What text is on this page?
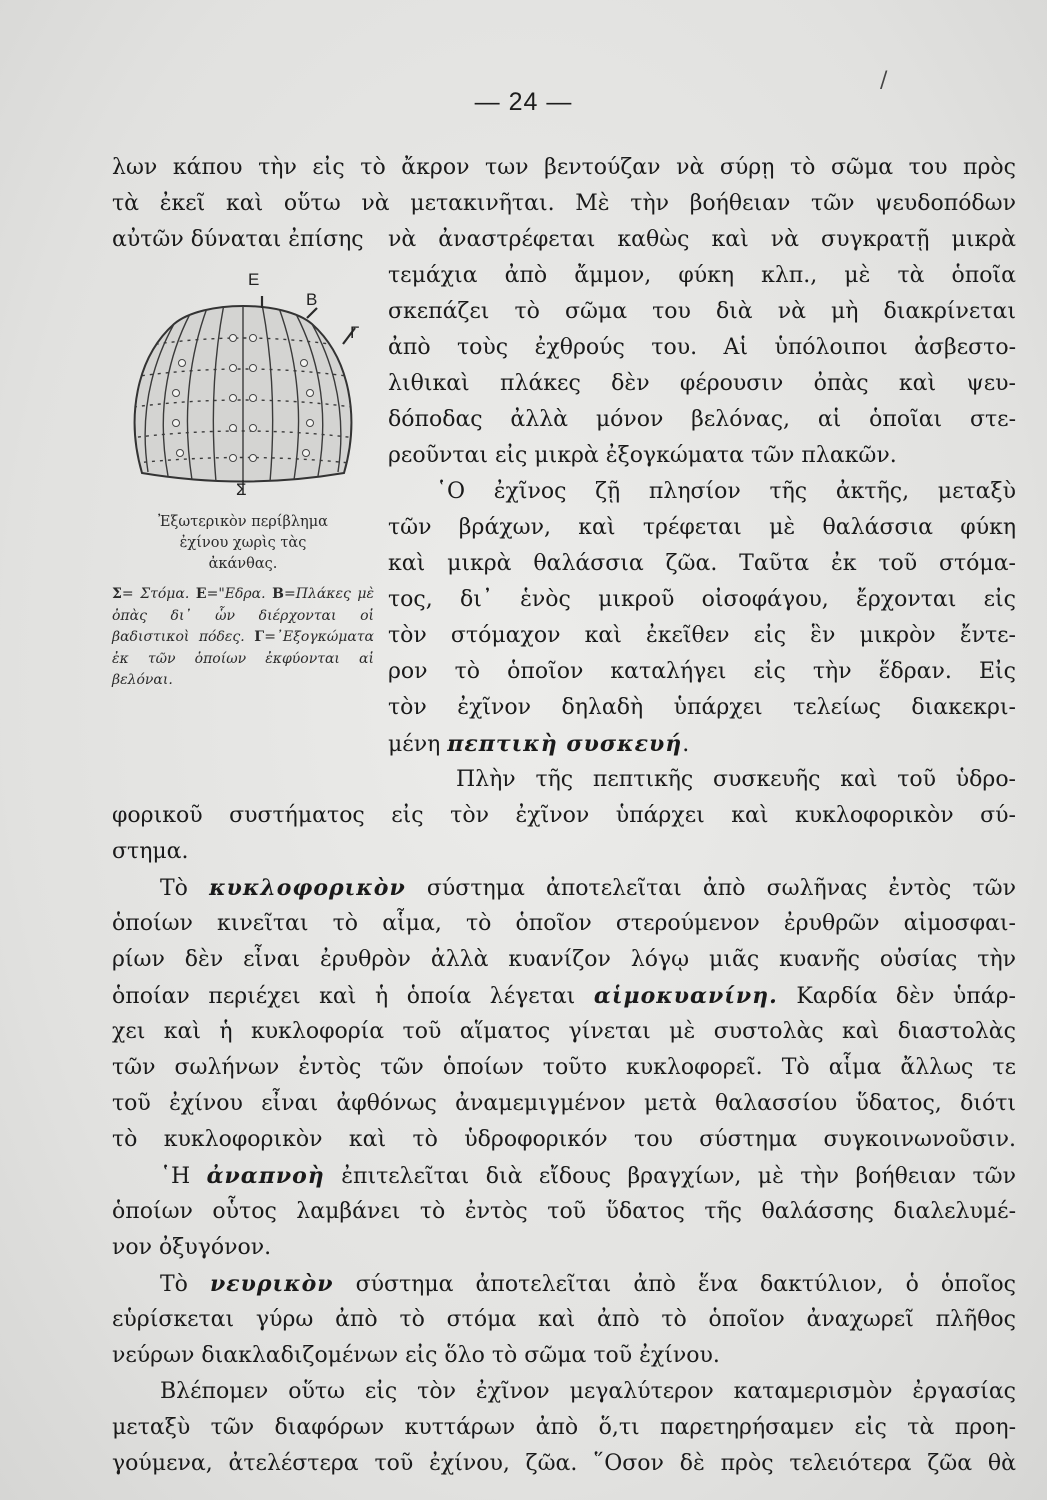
/
— 24 —
λων κάπου τὴν εἰς τὸ ἄκρον των βεντούζαν νὰ σύρῃ τὸ σῶμα του πρὸς
τὰ ἐκεῖ καὶ οὕτω νὰ μετακινῆται. Μὲ τὴν βοήθειαν τῶν ψευδοπόδων
αὐτῶν δύναται ἐπίσης	νὰ ἀναστρέφεται καθὼς καὶ νὰ συγκρατῇ μικρὰ
Ε
Β
Γ
Σ
Ἐξωτερικὸν περίβλημα
ἐχίνου χωρὶς τὰς
ἀκάνθας.
Σ= Στόμα. Ε="Εδρα. Β=Πλάκες μὲ ὀπὰς δι᾽ ὧν διέρχονται οἱ βαδιστικοὶ πόδες. Γ=᾽Εξογκώματα ἐκ τῶν ὁποίων ἐκφύονται αἱ βελόναι.
τεμάχια ἀπὸ ἄμμον, φύκη κλπ., μὲ τὰ ὁποῖα
σκεπάζει τὸ σῶμα του διὰ νὰ μὴ διακρίνεται
ἀπὸ τοὺς ἐχθρούς του. Αἱ ὑπόλοιποι ἀσβεστο-
λιθικαὶ πλάκες δὲν φέρουσιν ὀπὰς καὶ ψευ-
δόποδας ἀλλὰ μόνον βελόνας, αἱ ὁποῖαι στε-
ρεοῦνται εἰς μικρὰ ἐξογκώματα τῶν πλακῶν.
῾Ο ἐχῖνος ζῇ πλησίον τῆς ἀκτῆς, μεταξὺ
τῶν βράχων, καὶ τρέφεται μὲ θαλάσσια φύκη
καὶ μικρὰ θαλάσσια ζῶα. Ταῦτα ἐκ τοῦ στόμα-
τος, δι᾽ ἑνὸς μικροῦ οἰσοφάγου, ἔρχονται εἰς
τὸν στόμαχον καὶ ἐκεῖθεν εἰς ἓν μικρὸν ἔντε-
ρον τὸ ὁποῖον καταλήγει εἰς τὴν ἕδραν. Εἰς
τὸν ἐχῖνον δηλαδὴ ὑπάρχει τελείως διακεκρι-
μένη πεπτικὴ συσκευή.
Πλὴν τῆς πεπτικῆς συσκευῆς καὶ τοῦ ὑδρο-
φορικοῦ συστήματος εἰς τὸν ἐχῖνον ὑπάρχει καὶ κυκλοφορικὸν σύ-
στημα.
Τὸ κυκλοφορικὸν σύστημα ἀποτελεῖται ἀπὸ σωλῆνας ἐντὸς τῶν
ὁποίων κινεῖται τὸ αἷμα, τὸ ὁποῖον στερούμενον ἐρυθρῶν αἱμοσφαι-
ρίων δὲν εἶναι ἐρυθρὸν ἀλλὰ κυανίζον λόγῳ μιᾶς κυανῆς οὐσίας τὴν
ὁποίαν περιέχει καὶ ἡ ὁποία λέγεται αἱμοκυανίνη. Καρδία δὲν ὑπάρ-
χει καὶ ἡ κυκλοφορία τοῦ αἵματος γίνεται μὲ συστολὰς καὶ διαστολὰς
τῶν σωλήνων ἐντὸς τῶν ὁποίων τοῦτο κυκλοφορεῖ. Τὸ αἷμα ἄλλως τε
τοῦ ἐχίνου εἶναι ἀφθόνως ἀναμεμιγμένον μετὰ θαλασσίου ὕδατος, διότι
τὸ κυκλοφορικὸν καὶ τὸ ὑδροφορικόν του σύστημα συγκοινωνοῦσιν.
῾Η ἀναπνοὴ ἐπιτελεῖται διὰ εἴδους βραγχίων, μὲ τὴν βοήθειαν τῶν
ὁποίων οὗτος λαμβάνει τὸ ἐντὸς τοῦ ὕδατος τῆς θαλάσσης διαλελυμέ-
νον ὀξυγόνον.
Τὸ νευρικὸν σύστημα ἀποτελεῖται ἀπὸ ἕνα δακτύλιον, ὁ ὁποῖος
εὑρίσκεται γύρω ἀπὸ τὸ στόμα καὶ ἀπὸ τὸ ὁποῖον ἀναχωρεῖ πλῆθος
νεύρων διακλαδιζομένων εἰς ὅλο τὸ σῶμα τοῦ ἐχίνου.
Βλέπομεν οὕτω εἰς τὸν ἐχῖνον μεγαλύτερον καταμερισμὸν ἐργασίας
μεταξὺ τῶν διαφόρων κυττάρων ἀπὸ ὅ,τι παρετηρήσαμεν εἰς τὰ προη-
γούμενα, ἀτελέστερα τοῦ ἐχίνου, ζῶα. ῞Οσον δὲ πρὸς τελειότερα ζῶα θὰ
